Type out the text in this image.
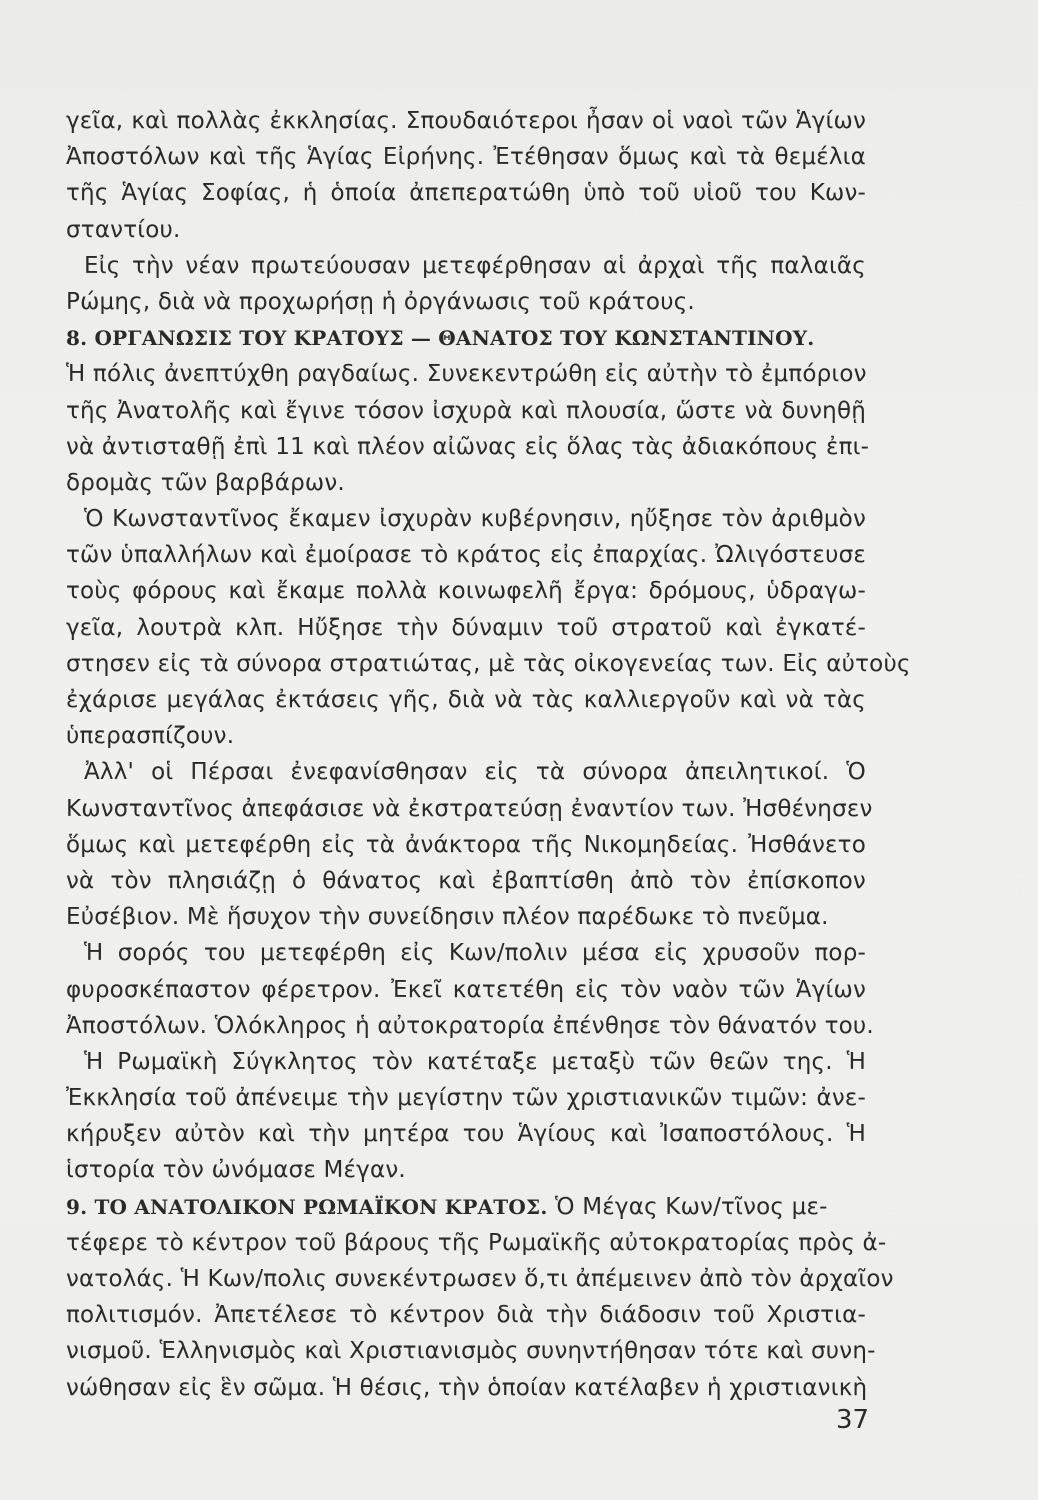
γεῖα, καὶ πολλὰς ἐκκλησίας. Σπουδαιότεροι ἦσαν οἱ ναοὶ τῶν Ἁγίων
Ἀποστόλων καὶ τῆς Ἁγίας Εἰρήνης. Ἐτέθησαν ὅμως καὶ τὰ θεμέλια
τῆς Ἁγίας Σοφίας, ἡ ὁποία ἀπεπερατώθη ὑπὸ τοῦ υἱοῦ του Κων-
σταντίου.
Εἰς τὴν νέαν πρωτεύουσαν μετεφέρθησαν αἱ ἀρχαὶ τῆς παλαιᾶς
Ρώμης, διὰ νὰ προχωρήσῃ ἡ ὀργάνωσις τοῦ κράτους.
8. ΟΡΓΑΝΩΣΙΣ ΤΟΥ ΚΡΑΤΟΥΣ — ΘΑΝΑΤΟΣ ΤΟΥ ΚΩΝΣΤΑΝΤΙΝΟΥ.
Ἡ πόλις ἀνεπτύχθη ραγδαίως. Συνεκεντρώθη εἰς αὐτὴν τὸ ἐμπόριον
τῆς Ἀνατολῆς καὶ ἔγινε τόσον ἰσχυρὰ καὶ πλουσία, ὥστε νὰ δυνηθῇ
νὰ ἀντισταθῇ ἐπὶ 11 καὶ πλέον αἰῶνας εἰς ὅλας τὰς ἀδιακόπους ἐπι-
δρομὰς τῶν βαρβάρων.
Ὁ Κωνσταντῖνος ἔκαμεν ἰσχυρὰν κυβέρνησιν, ηὔξησε τὸν ἀριθμὸν
τῶν ὑπαλλήλων καὶ ἐμοίρασε τὸ κράτος εἰς ἐπαρχίας. Ὠλιγόστευσε
τοὺς φόρους καὶ ἔκαμε πολλὰ κοινωφελῆ ἔργα: δρόμους, ὑδραγω-
γεῖα, λουτρὰ κλπ. Ηὔξησε τὴν δύναμιν τοῦ στρατοῦ καὶ ἐγκατέ-
στησεν εἰς τὰ σύνορα στρατιώτας, μὲ τὰς οἰκογενείας των. Εἰς αὐτοὺς
ἐχάρισε μεγάλας ἐκτάσεις γῆς, διὰ νὰ τὰς καλλιεργοῦν καὶ νὰ τὰς
ὑπερασπίζουν.
Ἀλλ' οἱ Πέρσαι ἐνεφανίσθησαν εἰς τὰ σύνορα ἀπειλητικοί. Ὁ
Κωνσταντῖνος ἀπεφάσισε νὰ ἐκστρατεύσῃ ἐναντίον των. Ἠσθένησεν
ὅμως καὶ μετεφέρθη εἰς τὰ ἀνάκτορα τῆς Νικομηδείας. Ἠσθάνετο
νὰ τὸν πλησιάζῃ ὁ θάνατος καὶ ἐβαπτίσθη ἀπὸ τὸν ἐπίσκοπον
Εὐσέβιον. Μὲ ἥσυχον τὴν συνείδησιν πλέον παρέδωκε τὸ πνεῦμα.
Ἡ σορός του μετεφέρθη εἰς Κων/πολιν μέσα εἰς χρυσοῦν πορ-
φυροσκέπαστον φέρετρον. Ἐκεῖ κατετέθη εἰς τὸν ναὸν τῶν Ἁγίων
Ἀποστόλων. Ὁλόκληρος ἡ αὐτοκρατορία ἐπένθησε τὸν θάνατόν του.
Ἡ Ρωμαϊκὴ Σύγκλητος τὸν κατέταξε μεταξὺ τῶν θεῶν της. Ἡ
Ἐκκλησία τοῦ ἀπένειμε τὴν μεγίστην τῶν χριστιανικῶν τιμῶν: ἀνε-
κήρυξεν αὐτὸν καὶ τὴν μητέρα του Ἁγίους καὶ Ἰσαποστόλους. Ἡ
ἱστορία τὸν ὠνόμασε Μέγαν.
9. ΤΟ ΑΝΑΤΟΛΙΚΟΝ ΡΩΜΑΪΚΟΝ ΚΡΑΤΟΣ. Ὁ Μέγας Κων/τῖνος με-
τέφερε τὸ κέντρον τοῦ βάρους τῆς Ρωμαϊκῆς αὐτοκρατορίας πρὸς ἀ-
νατολάς. Ἡ Κων/πολις συνεκέντρωσεν ὅ,τι ἀπέμεινεν ἀπὸ τὸν ἀρχαῖον
πολιτισμόν. Ἀπετέλεσε τὸ κέντρον διὰ τὴν διάδοσιν τοῦ Χριστια-
νισμοῦ. Ἑλληνισμὸς καὶ Χριστιανισμὸς συνηντήθησαν τότε καὶ συνη-
νώθησαν εἰς ἓν σῶμα. Ἡ θέσις, τὴν ὁποίαν κατέλαβεν ἡ χριστιανικὴ
37
